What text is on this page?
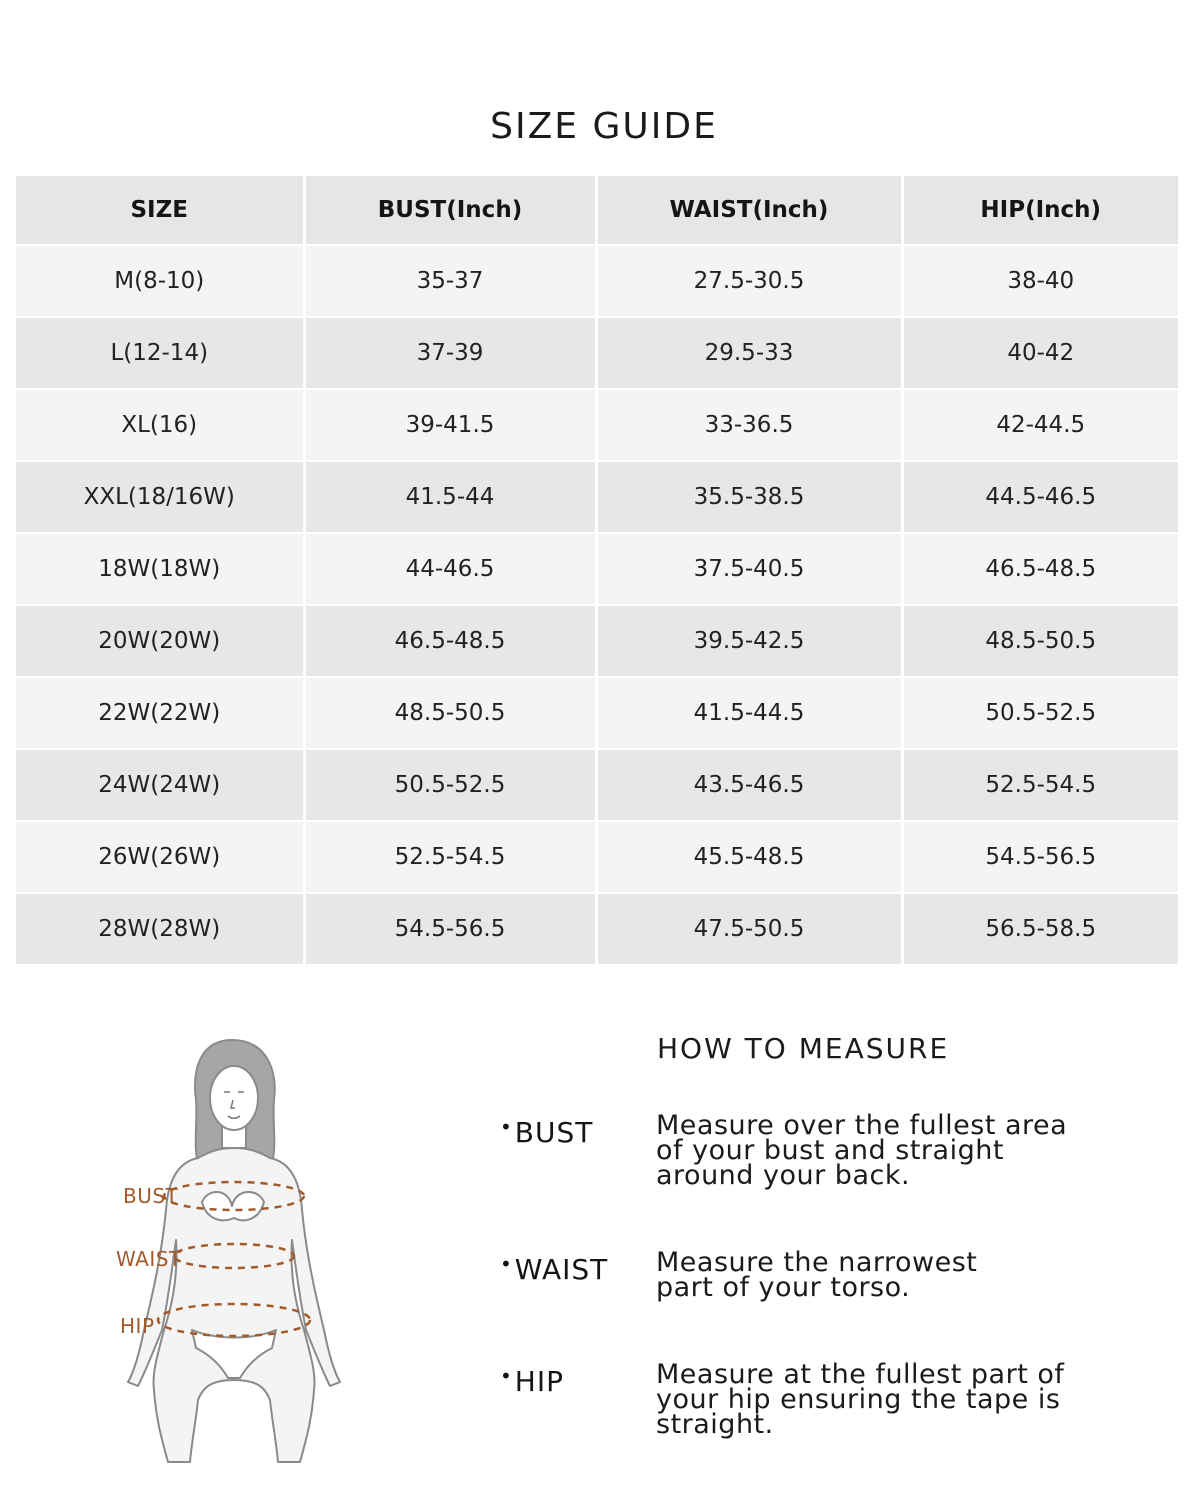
SIZE GUIDE
SIZE	BUST(Inch)	WAIST(Inch)	HIP(Inch)
M(8-10)	35-37	27.5-30.5	38-40
L(12-14)	37-39	29.5-33	40-42
XL(16)	39-41.5	33-36.5	42-44.5
XXL(18/16W)	41.5-44	35.5-38.5	44.5-46.5
18W(18W)	44-46.5	37.5-40.5	46.5-48.5
20W(20W)	46.5-48.5	39.5-42.5	48.5-50.5
22W(22W)	48.5-50.5	41.5-44.5	50.5-52.5
24W(24W)	50.5-52.5	43.5-46.5	52.5-54.5
26W(26W)	52.5-54.5	45.5-48.5	54.5-56.5
28W(28W)	54.5-56.5	47.5-50.5	56.5-58.5
BUST
WAIST
HIP
HOW TO MEASURE
•BUST Measure over the fullest area
of your bust and straight
around your back.
•WAIST Measure the narrowest
part of your torso.
•HIP	Measure at the fullest part of
your hip ensuring the tape is
straight.
